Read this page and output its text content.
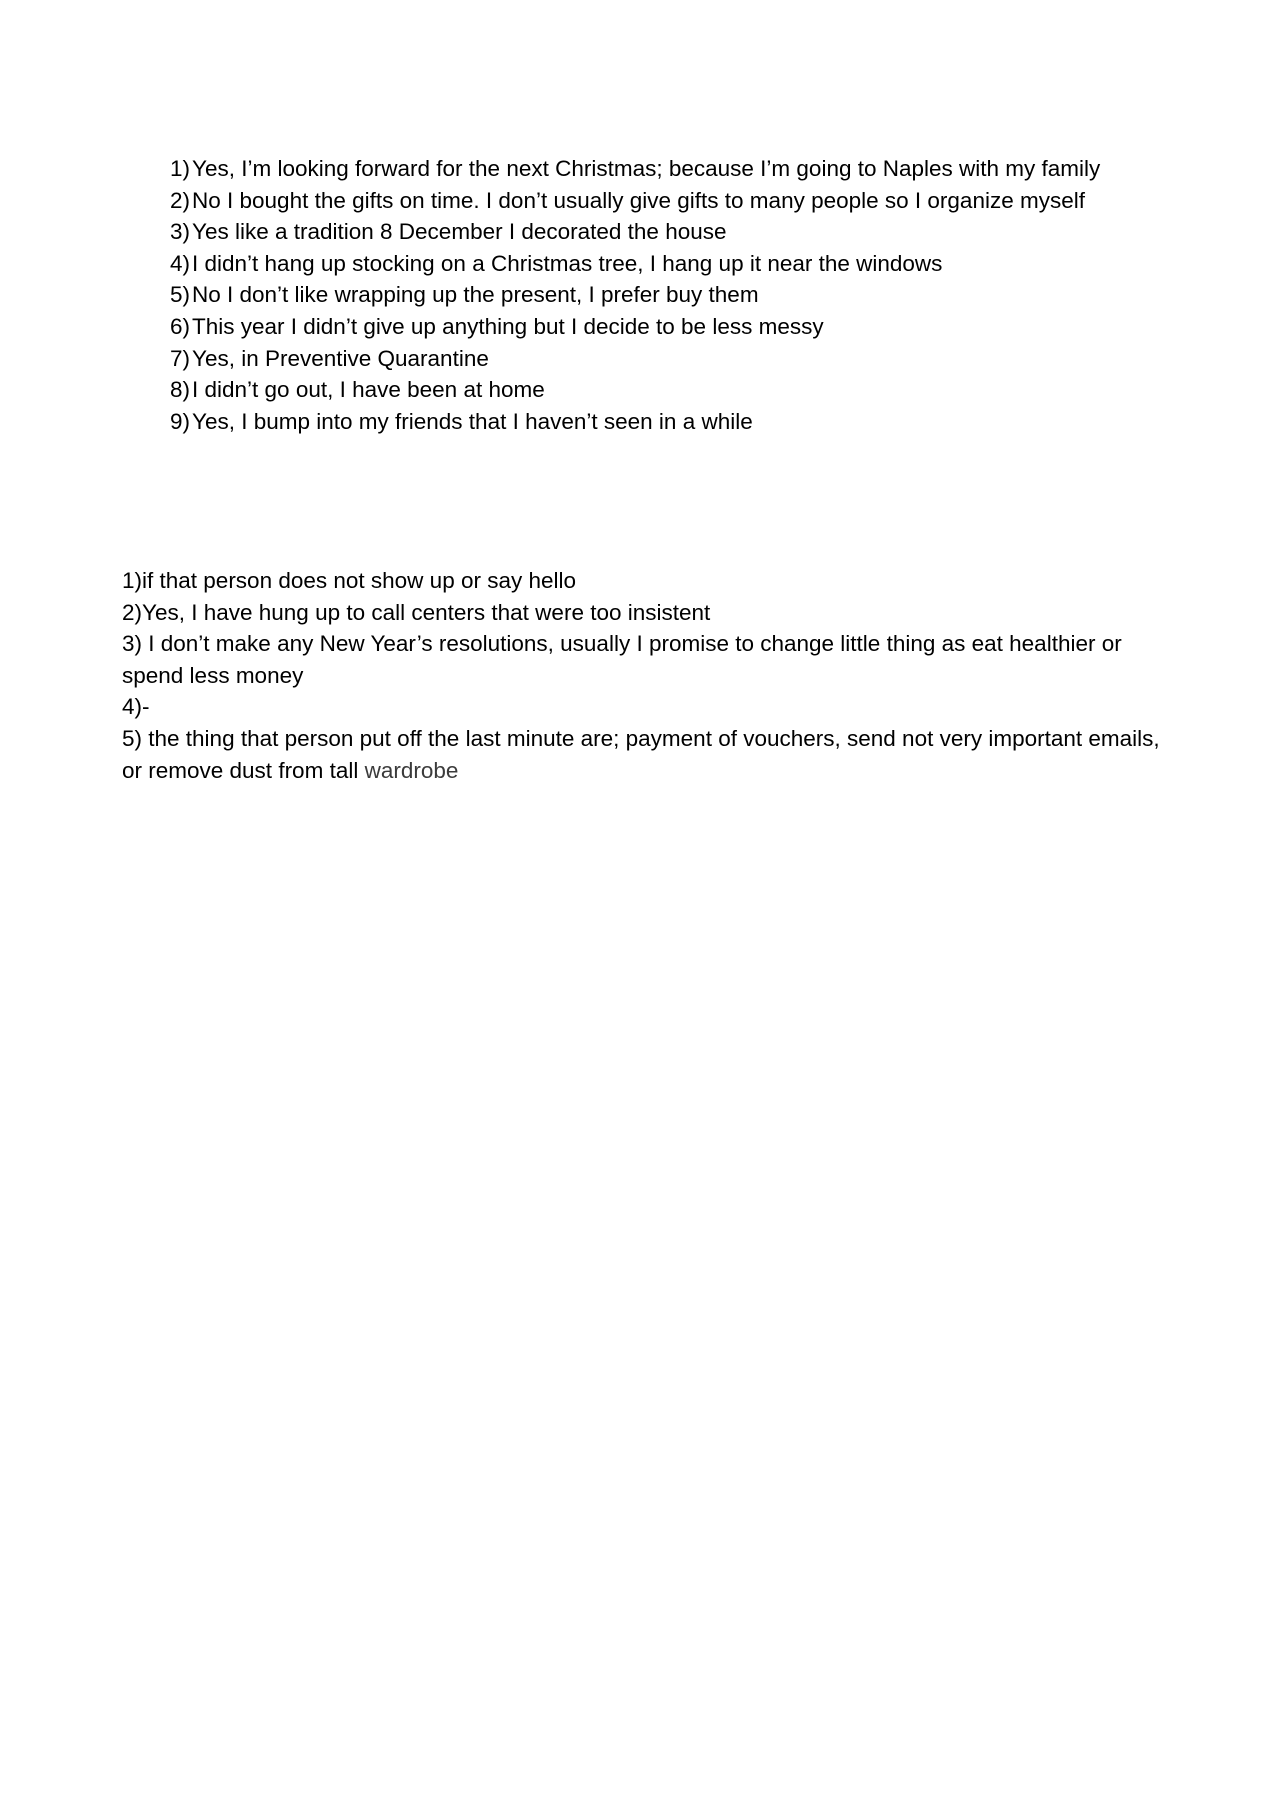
1) Yes, I’m looking forward for the next Christmas; because I’m going to Naples with my family
2) No I bought the gifts on time. I don’t usually give gifts to many people so I organize myself
3) Yes like a tradition 8 December I decorated the house
4) I didn’t hang up stocking on a Christmas tree, I hang up it near the windows
5) No I don’t like wrapping up the present, I prefer buy them
6) This year I didn’t give up anything but I decide to be less messy
7) Yes, in Preventive Quarantine
8) I didn’t go out, I have been at home
9) Yes, I bump into my friends that I haven’t seen in a while

1)if that person does not show up or say hello

2)Yes, I have hung up to call centers that were too insistent

3) I don’t make any New Year’s resolutions, usually I promise to change little thing as eat healthier or spend less money

4)-

5) the thing that person put off the last minute are; payment of vouchers, send not very important emails, or remove dust from tall wardrobe
